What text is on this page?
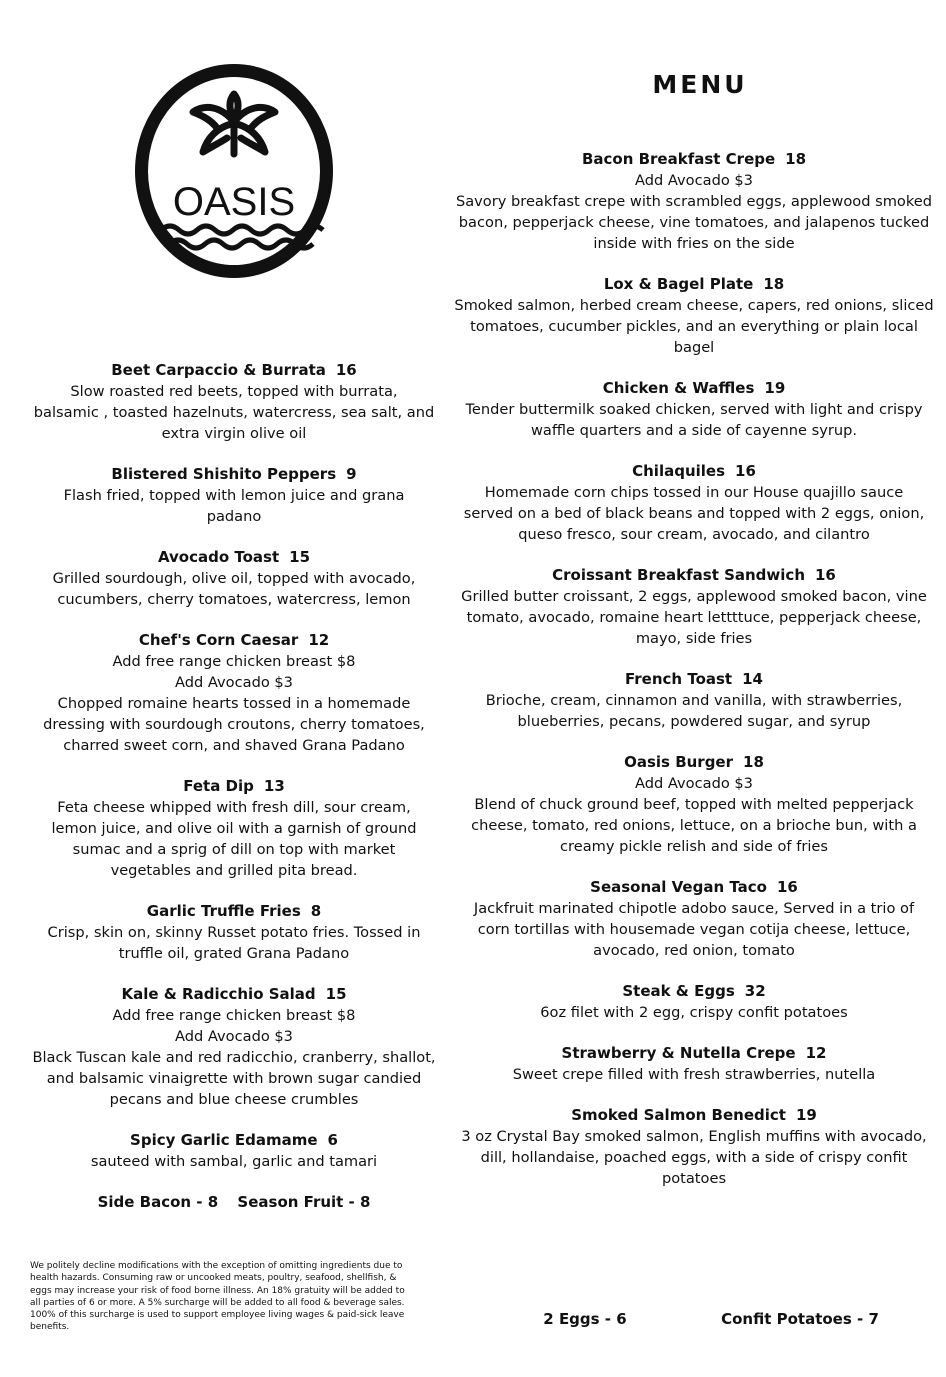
OASIS
MENU
Beet Carpaccio & Burrata 16
Slow roasted red beets, topped with burrata,
balsamic , toasted hazelnuts, watercress, sea salt, and
extra virgin olive oil
Blistered Shishito Peppers 9
Flash fried, topped with lemon juice and grana
padano
Avocado Toast 15
Grilled sourdough, olive oil, topped with avocado,
cucumbers, cherry tomatoes, watercress, lemon
Chef's Corn Caesar 12
Add free range chicken breast $8
Add Avocado $3
Chopped romaine hearts tossed in a homemade
dressing with sourdough croutons, cherry tomatoes,
charred sweet corn, and shaved Grana Padano
Feta Dip 13
Feta cheese whipped with fresh dill, sour cream,
lemon juice, and olive oil with a garnish of ground
sumac and a sprig of dill on top with market
vegetables and grilled pita bread.
Garlic Truffle Fries 8
Crisp, skin on, skinny Russet potato fries. Tossed in
truffle oil, grated Grana Padano
Kale & Radicchio Salad 15
Add free range chicken breast $8
Add Avocado $3
Black Tuscan kale and red radicchio, cranberry, shallot,
and balsamic vinaigrette with brown sugar candied
pecans and blue cheese crumbles
Spicy Garlic Edamame 6
sauteed with sambal, garlic and tamari
Side Bacon - 8 Season Fruit - 8
Bacon Breakfast Crepe 18
Add Avocado $3
Savory breakfast crepe with scrambled eggs, applewood smoked
bacon, pepperjack cheese, vine tomatoes, and jalapenos tucked
inside with fries on the side
Lox & Bagel Plate 18
Smoked salmon, herbed cream cheese, capers, red onions, sliced
tomatoes, cucumber pickles, and an everything or plain local
bagel
Chicken & Waffles 19
Tender buttermilk soaked chicken, served with light and crispy
waffle quarters and a side of cayenne syrup.
Chilaquiles 16
Homemade corn chips tossed in our House quajillo sauce
served on a bed of black beans and topped with 2 eggs, onion,
queso fresco, sour cream, avocado, and cilantro
Croissant Breakfast Sandwich 16
Grilled butter croissant, 2 eggs, applewood smoked bacon, vine
tomato, avocado, romaine heart lettttuce, pepperjack cheese,
mayo, side fries
French Toast 14
Brioche, cream, cinnamon and vanilla, with strawberries,
blueberries, pecans, powdered sugar, and syrup
Oasis Burger 18
Add Avocado $3
Blend of chuck ground beef, topped with melted pepperjack
cheese, tomato, red onions, lettuce, on a brioche bun, with a
creamy pickle relish and side of fries
Seasonal Vegan Taco 16
Jackfruit marinated chipotle adobo sauce, Served in a trio of
corn tortillas with housemade vegan cotija cheese, lettuce,
avocado, red onion, tomato
Steak & Eggs 32
6oz filet with 2 egg, crispy confit potatoes
Strawberry & Nutella Crepe 12
Sweet crepe filled with fresh strawberries, nutella
Smoked Salmon Benedict 19
3 oz Crystal Bay smoked salmon, English muffins with avocado,
dill, hollandaise, poached eggs, with a side of crispy confit
potatoes
We politely decline modifications with the exception of omitting ingredients due to
health hazards. Consuming raw or uncooked meats, poultry, seafood, shellfish, &
eggs may increase your risk of food borne illness. An 18% gratuity will be added to
all parties of 6 or more. A 5% surcharge will be added to all food & beverage sales.
100% of this surcharge is used to support employee living wages & paid-sick leave
benefits.	2 Eggs - 6	Confit Potatoes - 7
